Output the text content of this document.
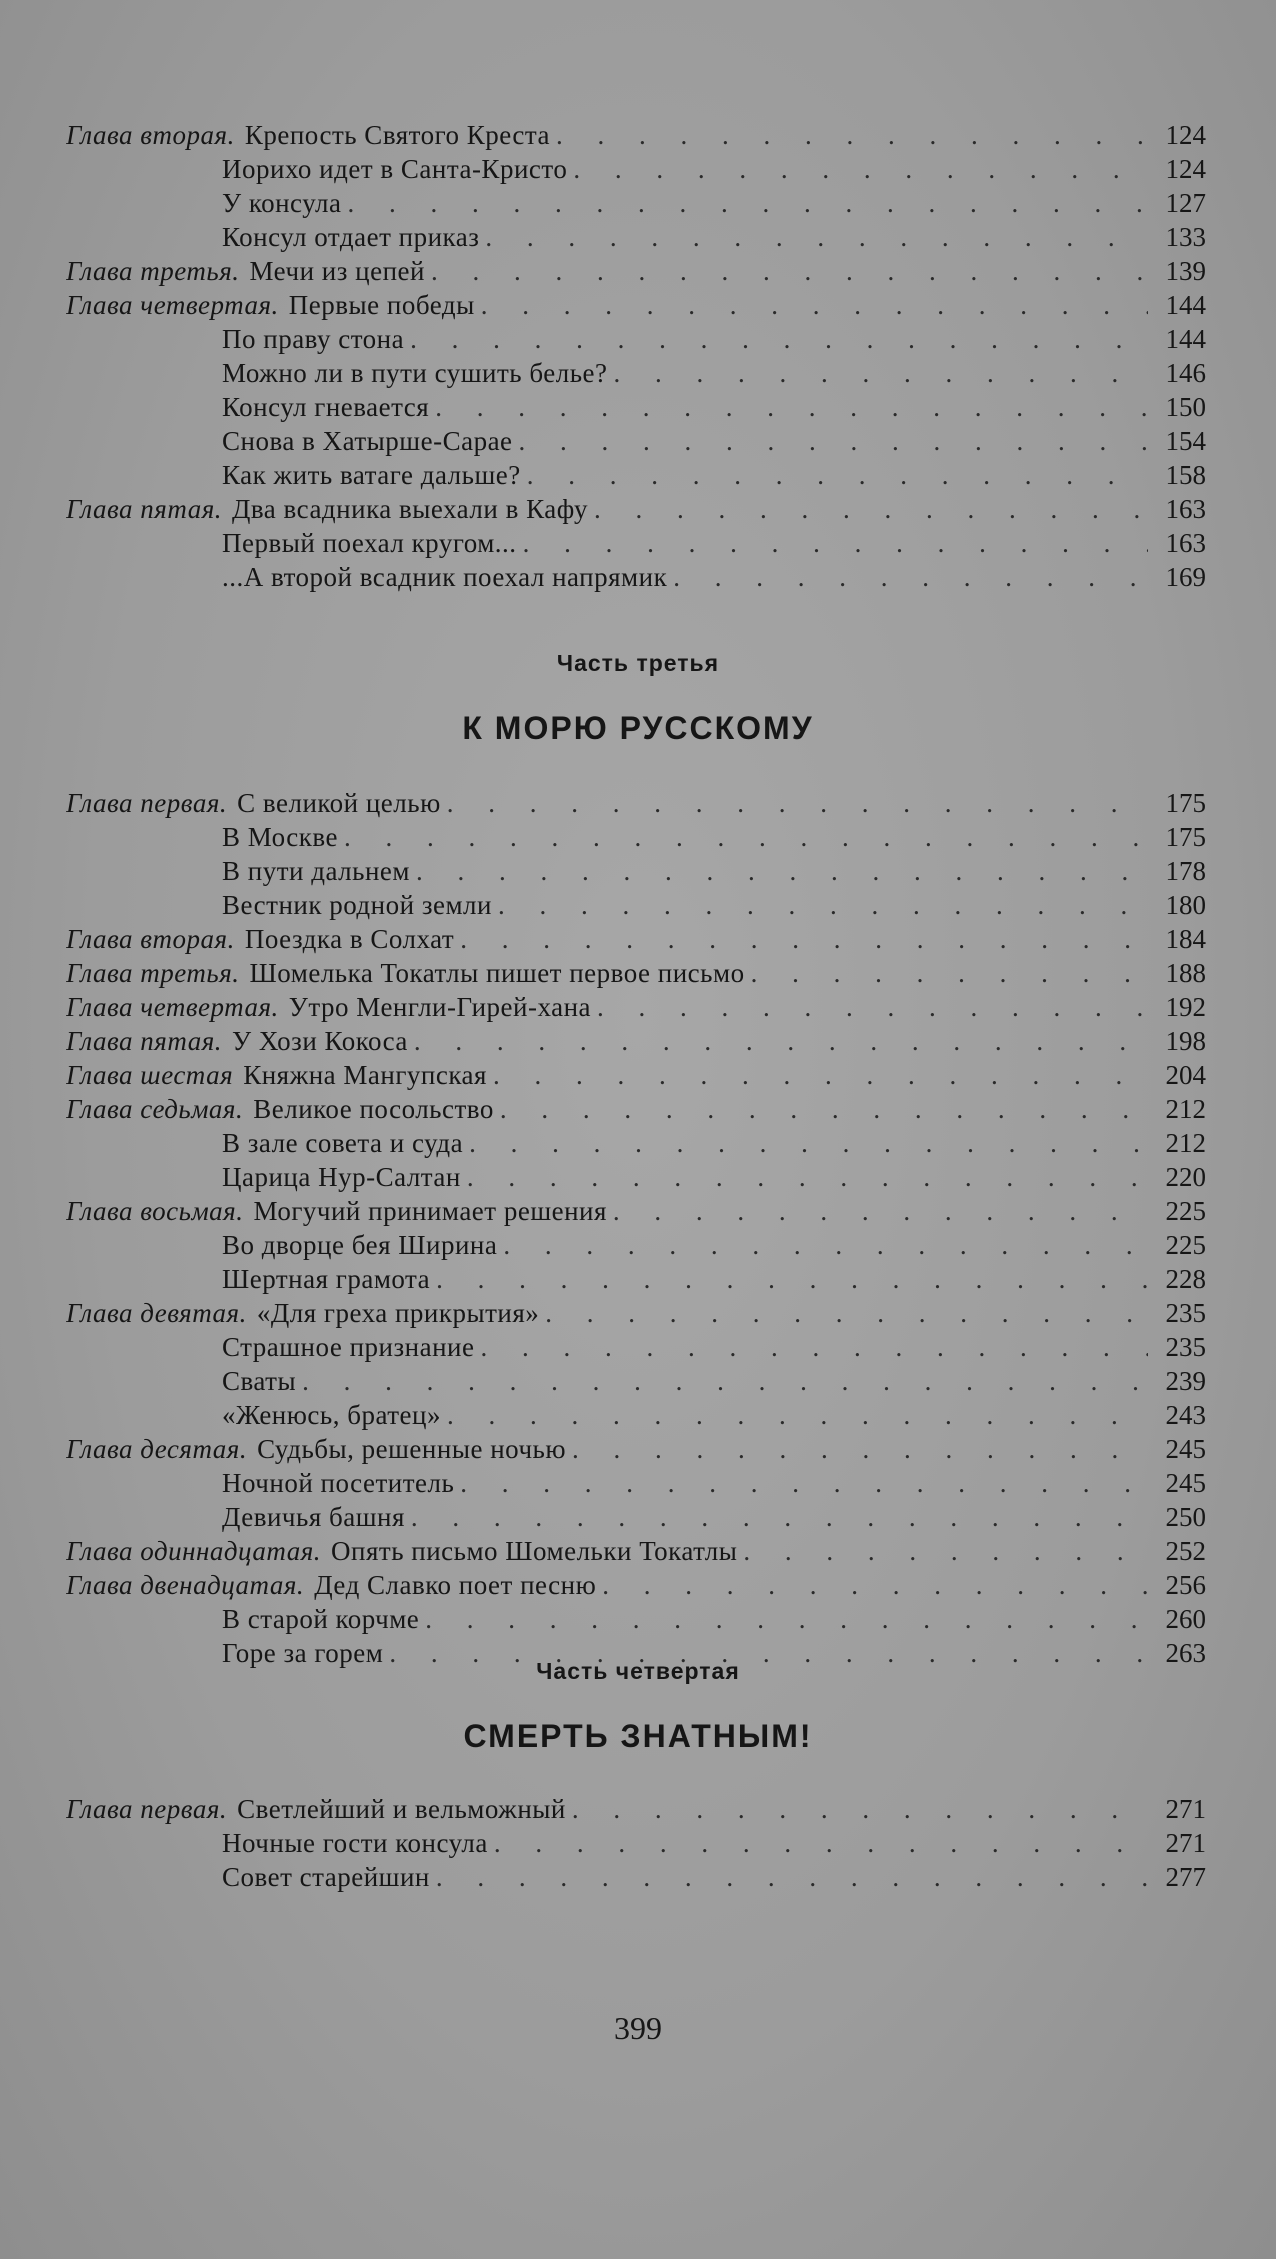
Глава вторая. Крепость Святого Креста . . .	124
Иорихо идет в Санта-Кристо . . .	124
У консула . . .	127
Консул отдает приказ . . .	133
Глава третья. Мечи из цепей . . .	139
Глава четвертая. Первые победы . . .	144
По праву стона . . .	144
Можно ли в пути сушить белье? . . .	146
Консул гневается . . .	150
Снова в Хатырше-Сарае . . .	154
Как жить ватаге дальше? . . .	158
Глава пятая. Два всадника выехали в Кафу . . .	163
Первый поехал кругом... . . .	163
...А второй всадник поехал напрямик . . .	169
Часть третья
К МОРЮ РУССКОМУ
Глава первая. С великой целью . . .	175
В Москве . . .	175
В пути дальнем . . .	178
Вестник родной земли . . .	180
Глава вторая. Поездка в Солхат . . .	184
Глава третья. Шомелька Токатлы пишет первое письмо . . .	188
Глава четвертая. Утро Менгли-Гирей-хана . . .	192
Глава пятая. У Хози Кокоса . . .	198
Глава шестая Княжна Мангупская . . .	204
Глава седьмая. Великое посольство . . .	212
В зале совета и суда . . .	212
Царица Нур-Салтан . . .	220
Глава восьмая. Могучий принимает решения . . .	225
Во дворце бея Ширина . . .	225
Шертная грамота . . .	228
Глава девятая. «Для греха прикрытия» . . .	235
Страшное признание . . .	235
Сваты . . .	239
«Женюсь, братец» . . .	243
Глава десятая. Судьбы, решенные ночью . . .	245
Ночной посетитель . . .	245
Девичья башня . . .	250
Глава одиннадцатая. Опять письмо Шомельки Токатлы . . .	252
Глава двенадцатая. Дед Славко поет песню . . .	256
В старой корчме . . .	260
Горе за горем . . .	263
Часть четвертая
СМЕРТЬ ЗНАТНЫМ!
Глава первая. Светлейший и вельможный . . .	271
Ночные гости консула . . .	271
Совет старейшин . . .	277
399
